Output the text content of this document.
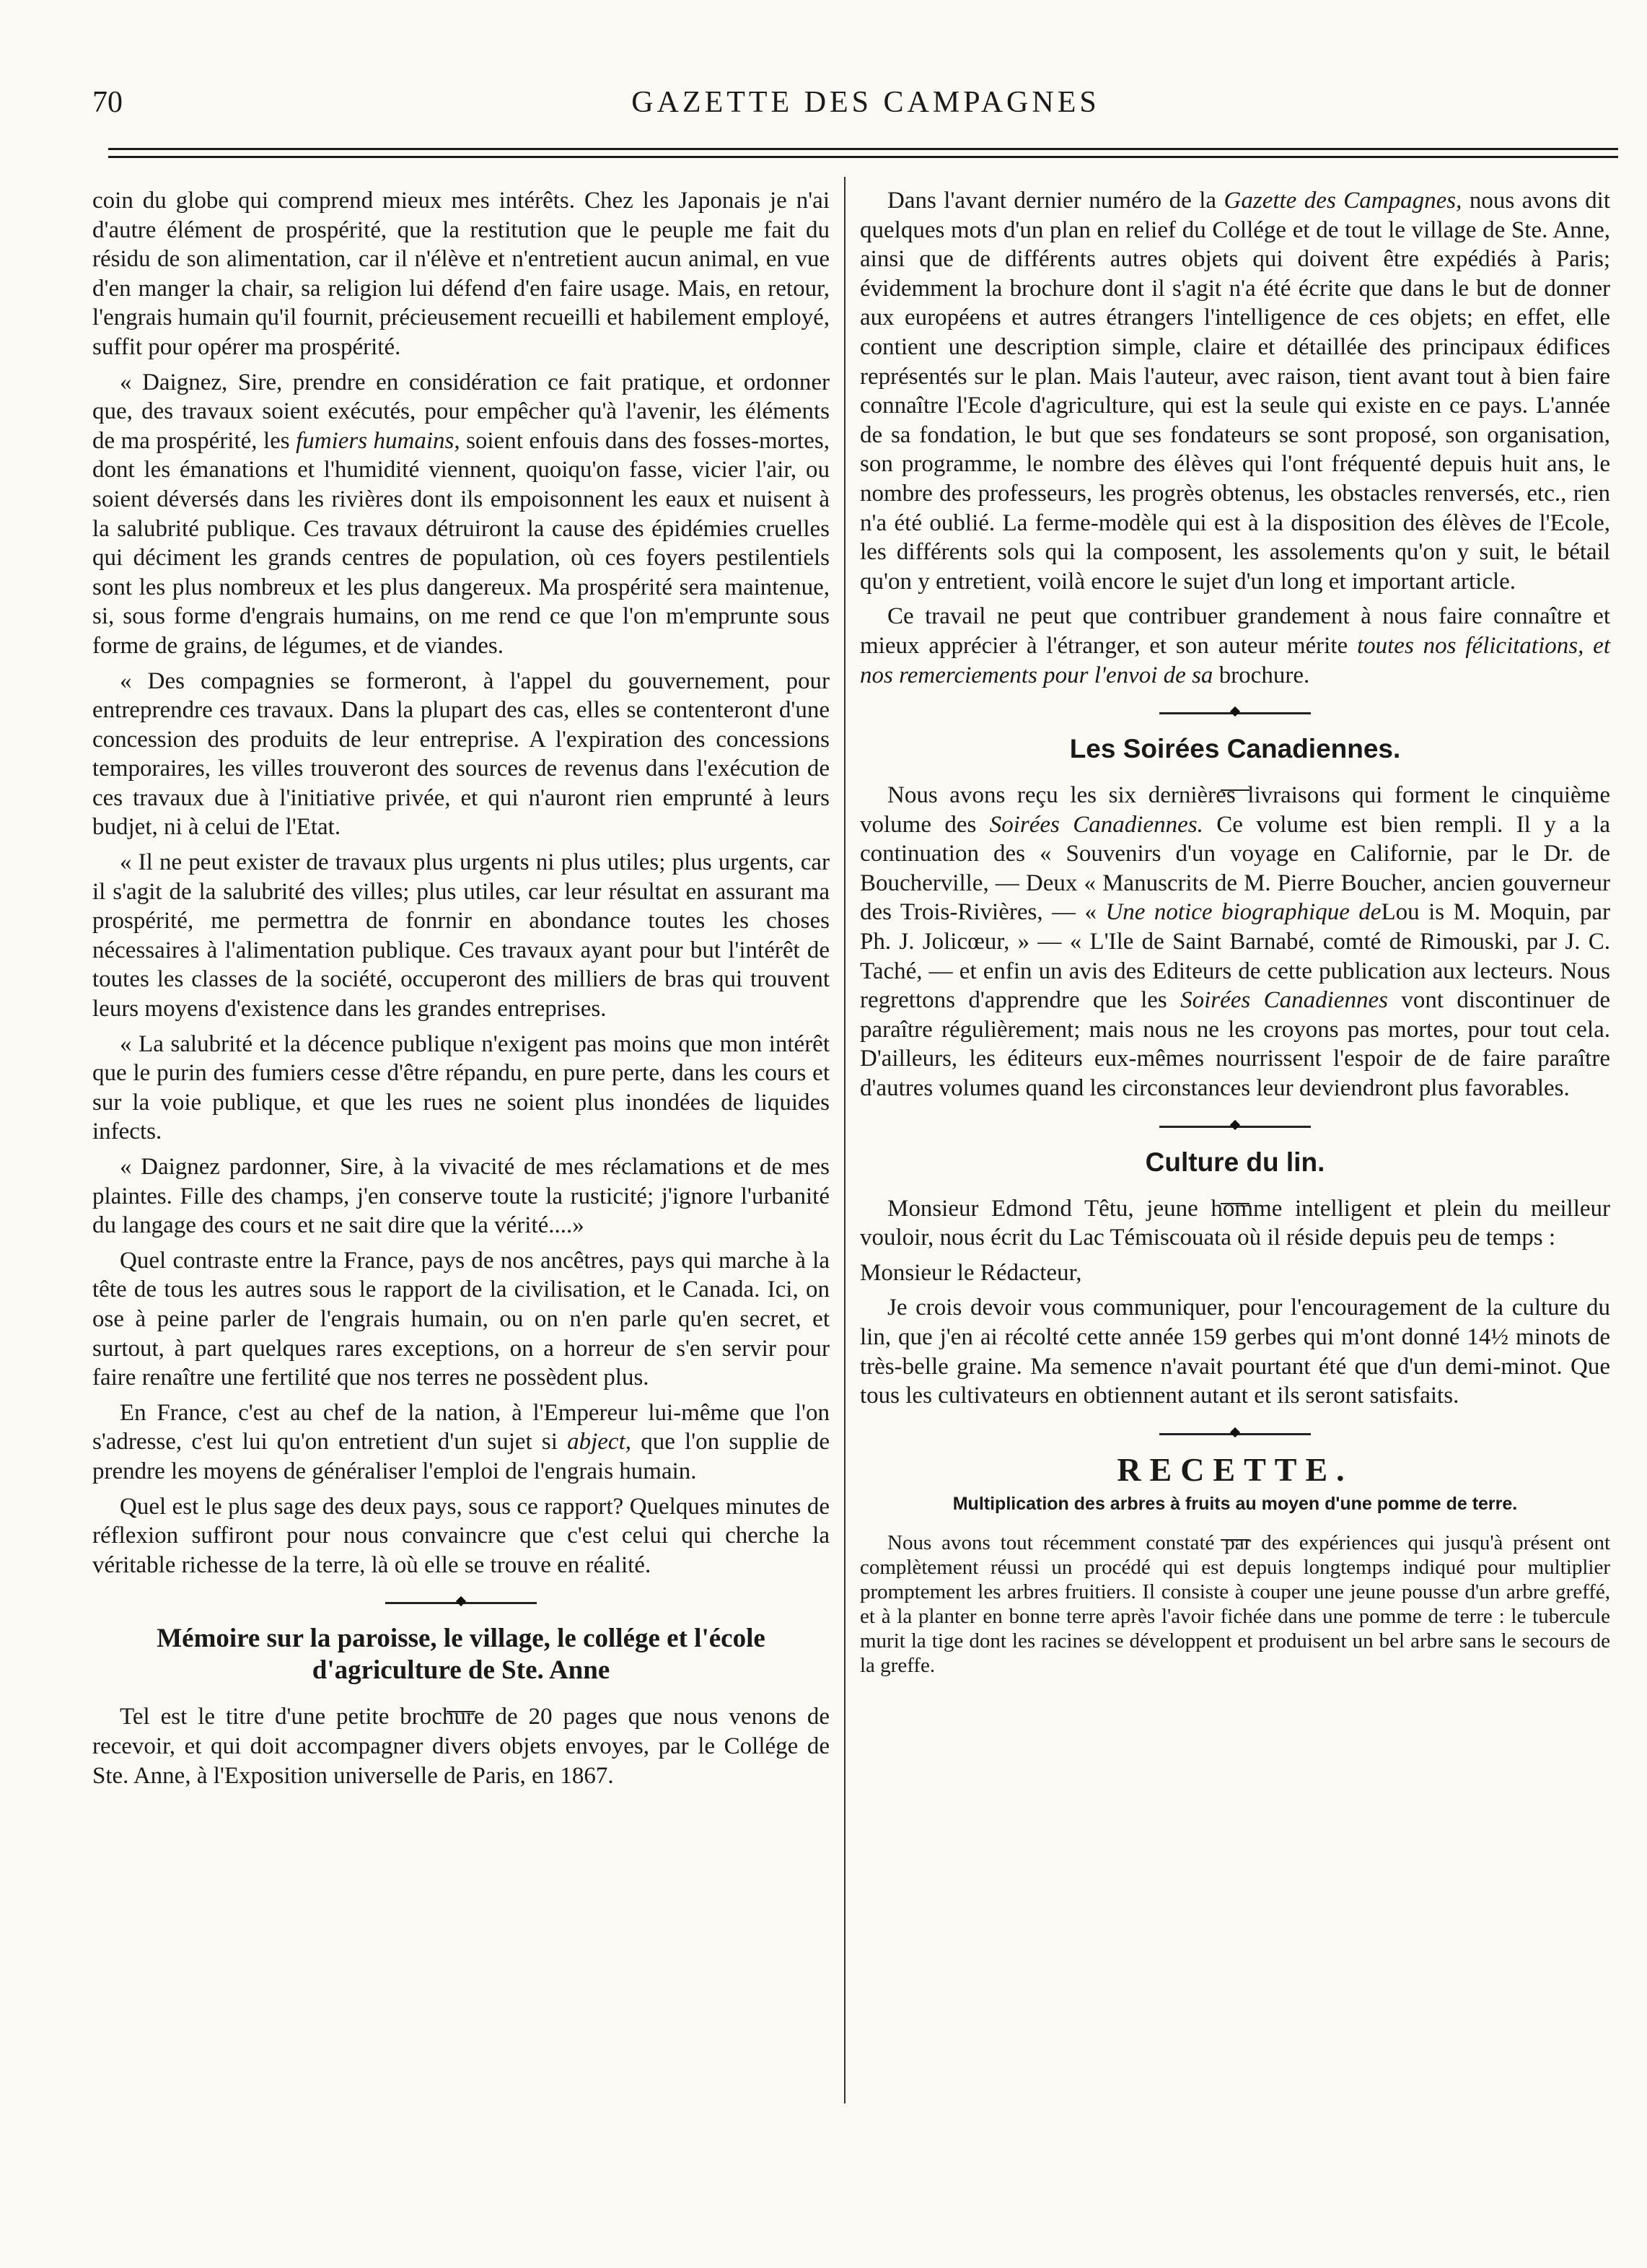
70	GAZETTE DES CAMPAGNES

coin du globe qui comprend mieux mes intérêts. Chez les Japonais je n'ai d'autre élément de prospérité, que la restitution que le peuple me fait du résidu de son alimentation, car il n'élève et n'entretient aucun animal, en vue d'en manger la chair, sa religion lui défend d'en faire usage. Mais, en retour, l'engrais humain qu'il fournit, précieusement recueilli et habilement employé, suffit pour opérer ma prospérité.

« Daignez, Sire, prendre en considération ce fait pratique, et ordonner que, des travaux soient exécutés, pour empêcher qu'à l'avenir, les éléments de ma prospérité, les fumiers humains, soient enfouis dans des fosses-mortes, dont les émanations et l'humidité viennent, quoiqu'on fasse, vicier l'air, ou soient déversés dans les rivières dont ils empoisonnent les eaux et nuisent à la salubrité publique. Ces travaux détruiront la cause des épidémies cruelles qui déciment les grands centres de population, où ces foyers pestilentiels sont les plus nombreux et les plus dangereux. Ma prospérité sera maintenue, si, sous forme d'engrais humains, on me rend ce que l'on m'emprunte sous forme de grains, de légumes, et de viandes.

« Des compagnies se formeront, à l'appel du gouvernement, pour entreprendre ces travaux. Dans la plupart des cas, elles se contenteront d'une concession des produits de leur entreprise. A l'expiration des concessions temporaires, les villes trouveront des sources de revenus dans l'exécution de ces travaux due à l'initiative privée, et qui n'auront rien emprunté à leurs budjet, ni à celui de l'Etat.

« Il ne peut exister de travaux plus urgents ni plus utiles; plus urgents, car il s'agit de la salubrité des villes; plus utiles, car leur résultat en assurant ma prospérité, me permettra de fonrnir en abondance toutes les choses nécessaires à l'alimentation publique. Ces travaux ayant pour but l'intérêt de toutes les classes de la société, occuperont des milliers de bras qui trouvent leurs moyens d'existence dans les grandes entreprises.

« La salubrité et la décence publique n'exigent pas moins que mon intérêt que le purin des fumiers cesse d'être répandu, en pure perte, dans les cours et sur la voie publique, et que les rues ne soient plus inondées de liquides infects.

« Daignez pardonner, Sire, à la vivacité de mes réclamations et de mes plaintes. Fille des champs, j'en conserve toute la rusticité; j'ignore l'urbanité du langage des cours et ne sait dire que la vérité....»

Quel contraste entre la France, pays de nos ancêtres, pays qui marche à la tête de tous les autres sous le rapport de la civilisation, et le Canada. Ici, on ose à peine parler de l'engrais humain, ou on n'en parle qu'en secret, et surtout, à part quelques rares exceptions, on a horreur de s'en servir pour faire renaître une fertilité que nos terres ne possèdent plus.

En France, c'est au chef de la nation, à l'Empereur lui-même que l'on s'adresse, c'est lui qu'on entretient d'un sujet si abject, que l'on supplie de prendre les moyens de généraliser l'emploi de l'engrais humain.

Quel est le plus sage des deux pays, sous ce rapport? Quelques minutes de réflexion suffiront pour nous convaincre que c'est celui qui cherche la véritable richesse de la terre, là où elle se trouve en réalité.

Mémoire sur la paroisse, le village, le collége et l'école d'agriculture de Ste. Anne

Tel est le titre d'une petite brochure de 20 pages que nous venons de recevoir, et qui doit accompagner divers objets envoyes, par le Collége de Ste. Anne, à l'Exposition universelle de Paris, en 1867.

Dans l'avant dernier numéro de la Gazette des Campagnes, nous avons dit quelques mots d'un plan en relief du Collége et de tout le village de Ste. Anne, ainsi que de différents autres objets qui doivent être expédiés à Paris; évidemment la brochure dont il s'agit n'a été écrite que dans le but de donner aux européens et autres étrangers l'intelligence de ces objets; en effet, elle contient une description simple, claire et détaillée des principaux édifices représentés sur le plan. Mais l'auteur, avec raison, tient avant tout à bien faire connaître l'Ecole d'agriculture, qui est la seule qui existe en ce pays. L'année de sa fondation, le but que ses fondateurs se sont proposé, son organisation, son programme, le nombre des élèves qui l'ont fréquenté depuis huit ans, le nombre des professeurs, les progrès obtenus, les obstacles renversés, etc., rien n'a été oublié. La ferme-modèle qui est à la disposition des élèves de l'Ecole, les différents sols qui la composent, les assolements qu'on y suit, le bétail qu'on y entretient, voilà encore le sujet d'un long et important article.

Ce travail ne peut que contribuer grandement à nous faire connaître et mieux apprécier à l'étranger, et son auteur mérite toutes nos félicitations, et nos remerciements pour l'envoi de sa brochure.

Les Soirées Canadiennes.

Nous avons reçu les six dernières livraisons qui forment le cinquième volume des Soirées Canadiennes. Ce volume est bien rempli. Il y a la continuation des « Souvenirs d'un voyage en Californie, par le Dr. de Boucherville, — Deux « Manuscrits de M. Pierre Boucher, ancien gouverneur des Trois-Rivières, — « Une notice biographique deLou is M. Moquin, par Ph. J. Jolicœur, » — « L'Ile de Saint Barnabé, comté de Rimouski, par J. C. Taché, — et enfin un avis des Editeurs de cette publication aux lecteurs. Nous regrettons d'apprendre que les Soirées Canadiennes vont discontinuer de paraître régulièrement; mais nous ne les croyons pas mortes, pour tout cela. D'ailleurs, les éditeurs eux-mêmes nourrissent l'espoir de de faire paraître d'autres volumes quand les circonstances leur deviendront plus favorables.

Culture du lin.

Monsieur Edmond Têtu, jeune homme intelligent et plein du meilleur vouloir, nous écrit du Lac Témiscouata où il réside depuis peu de temps :

Monsieur le Rédacteur,

Je crois devoir vous communiquer, pour l'encouragement de la culture du lin, que j'en ai récolté cette année 159 gerbes qui m'ont donné 14½ minots de très-belle graine. Ma semence n'avait pourtant été que d'un demi-minot. Que tous les cultivateurs en obtiennent autant et ils seront satisfaits.

RECETTE.
Multiplication des arbres à fruits au moyen d'une pomme de terre.

Nous avons tout récemment constaté par des expériences qui jusqu'à présent ont complètement réussi un procédé qui est depuis longtemps indiqué pour multiplier promptement les arbres fruitiers. Il consiste à couper une jeune pousse d'un arbre greffé, et à la planter en bonne terre après l'avoir fichée dans une pomme de terre : le tubercule murit la tige dont les racines se développent et produisent un bel arbre sans le secours de la greffe.
